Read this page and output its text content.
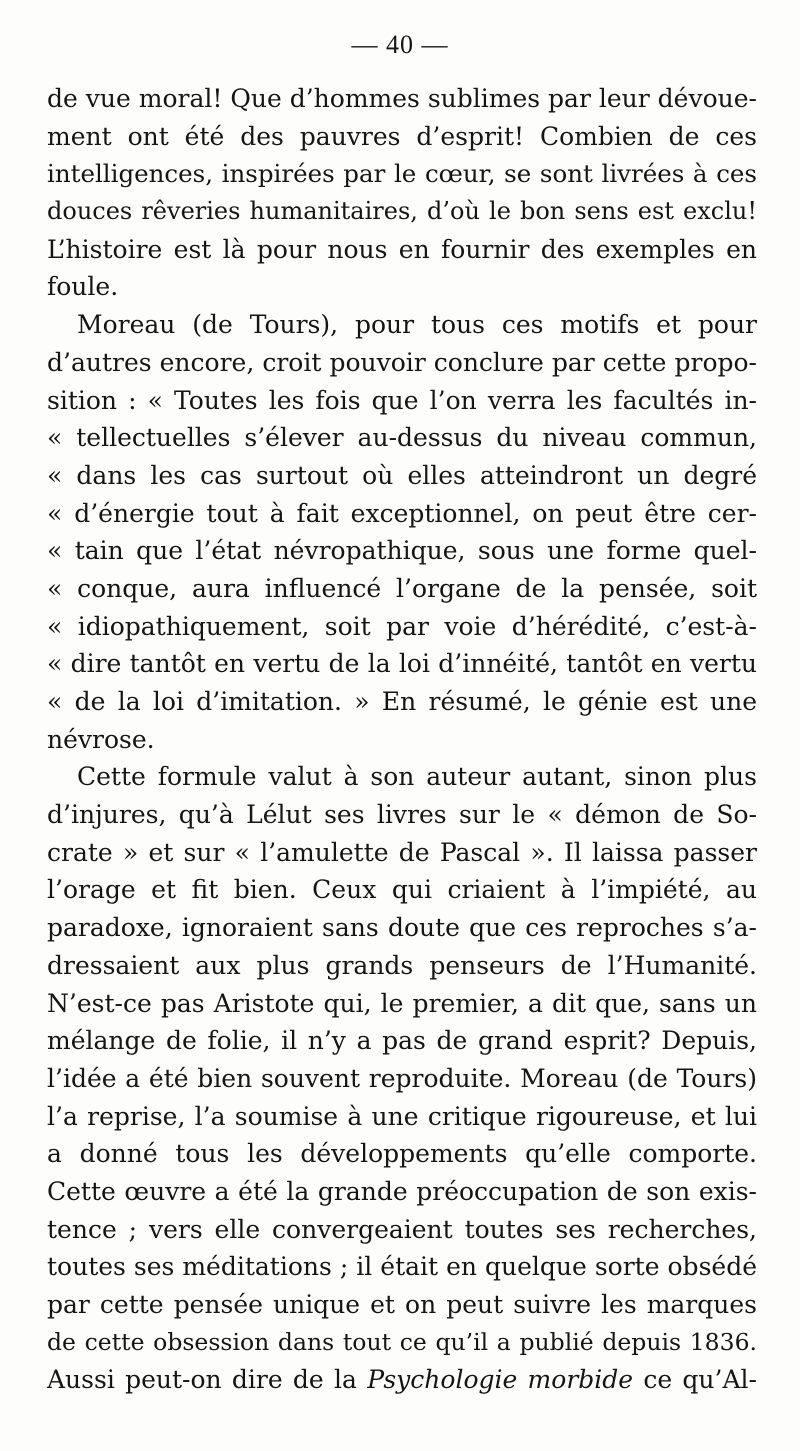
— 40 —
de vue moral! Que d’hommes sublimes par leur dévoue-
ment ont été des pauvres d’esprit! Combien de ces
intelligences, inspirées par le cœur, se sont livrées à ces
douces rêveries humanitaires, d’où le bon sens est exclu!
L’histoire est là pour nous en fournir des exemples en
foule.
Moreau (de Tours), pour tous ces motifs et pour
d’autres encore, croit pouvoir conclure par cette propo-
sition : « Toutes les fois que l’on verra les facultés in-
« tellectuelles s’élever au-dessus du niveau commun,
« dans les cas surtout où elles atteindront un degré
« d’énergie tout à fait exceptionnel, on peut être cer-
« tain que l’état névropathique, sous une forme quel-
« conque, aura influencé l’organe de la pensée, soit
« idiopathiquement, soit par voie d’hérédité, c’est-à-
« dire tantôt en vertu de la loi d’innéité, tantôt en vertu
« de la loi d’imitation. » En résumé, le génie est une
névrose.
Cette formule valut à son auteur autant, sinon plus
d’injures, qu’à Lélut ses livres sur le « démon de So-
crate » et sur « l’amulette de Pascal ». Il laissa passer
l’orage et fit bien. Ceux qui criaient à l’impiété, au
paradoxe, ignoraient sans doute que ces reproches s’a-
dressaient aux plus grands penseurs de l’Humanité.
N’est-ce pas Aristote qui, le premier, a dit que, sans un
mélange de folie, il n’y a pas de grand esprit? Depuis,
l’idée a été bien souvent reproduite. Moreau (de Tours)
l’a reprise, l’a soumise à une critique rigoureuse, et lui
a donné tous les développements qu’elle comporte.
Cette œuvre a été la grande préoccupation de son exis-
tence ; vers elle convergeaient toutes ses recherches,
toutes ses méditations ; il était en quelque sorte obsédé
par cette pensée unique et on peut suivre les marques
de cette obsession dans tout ce qu’il a publié depuis 1836.
Aussi peut-on dire de la Psychologie morbide ce qu’Al-
